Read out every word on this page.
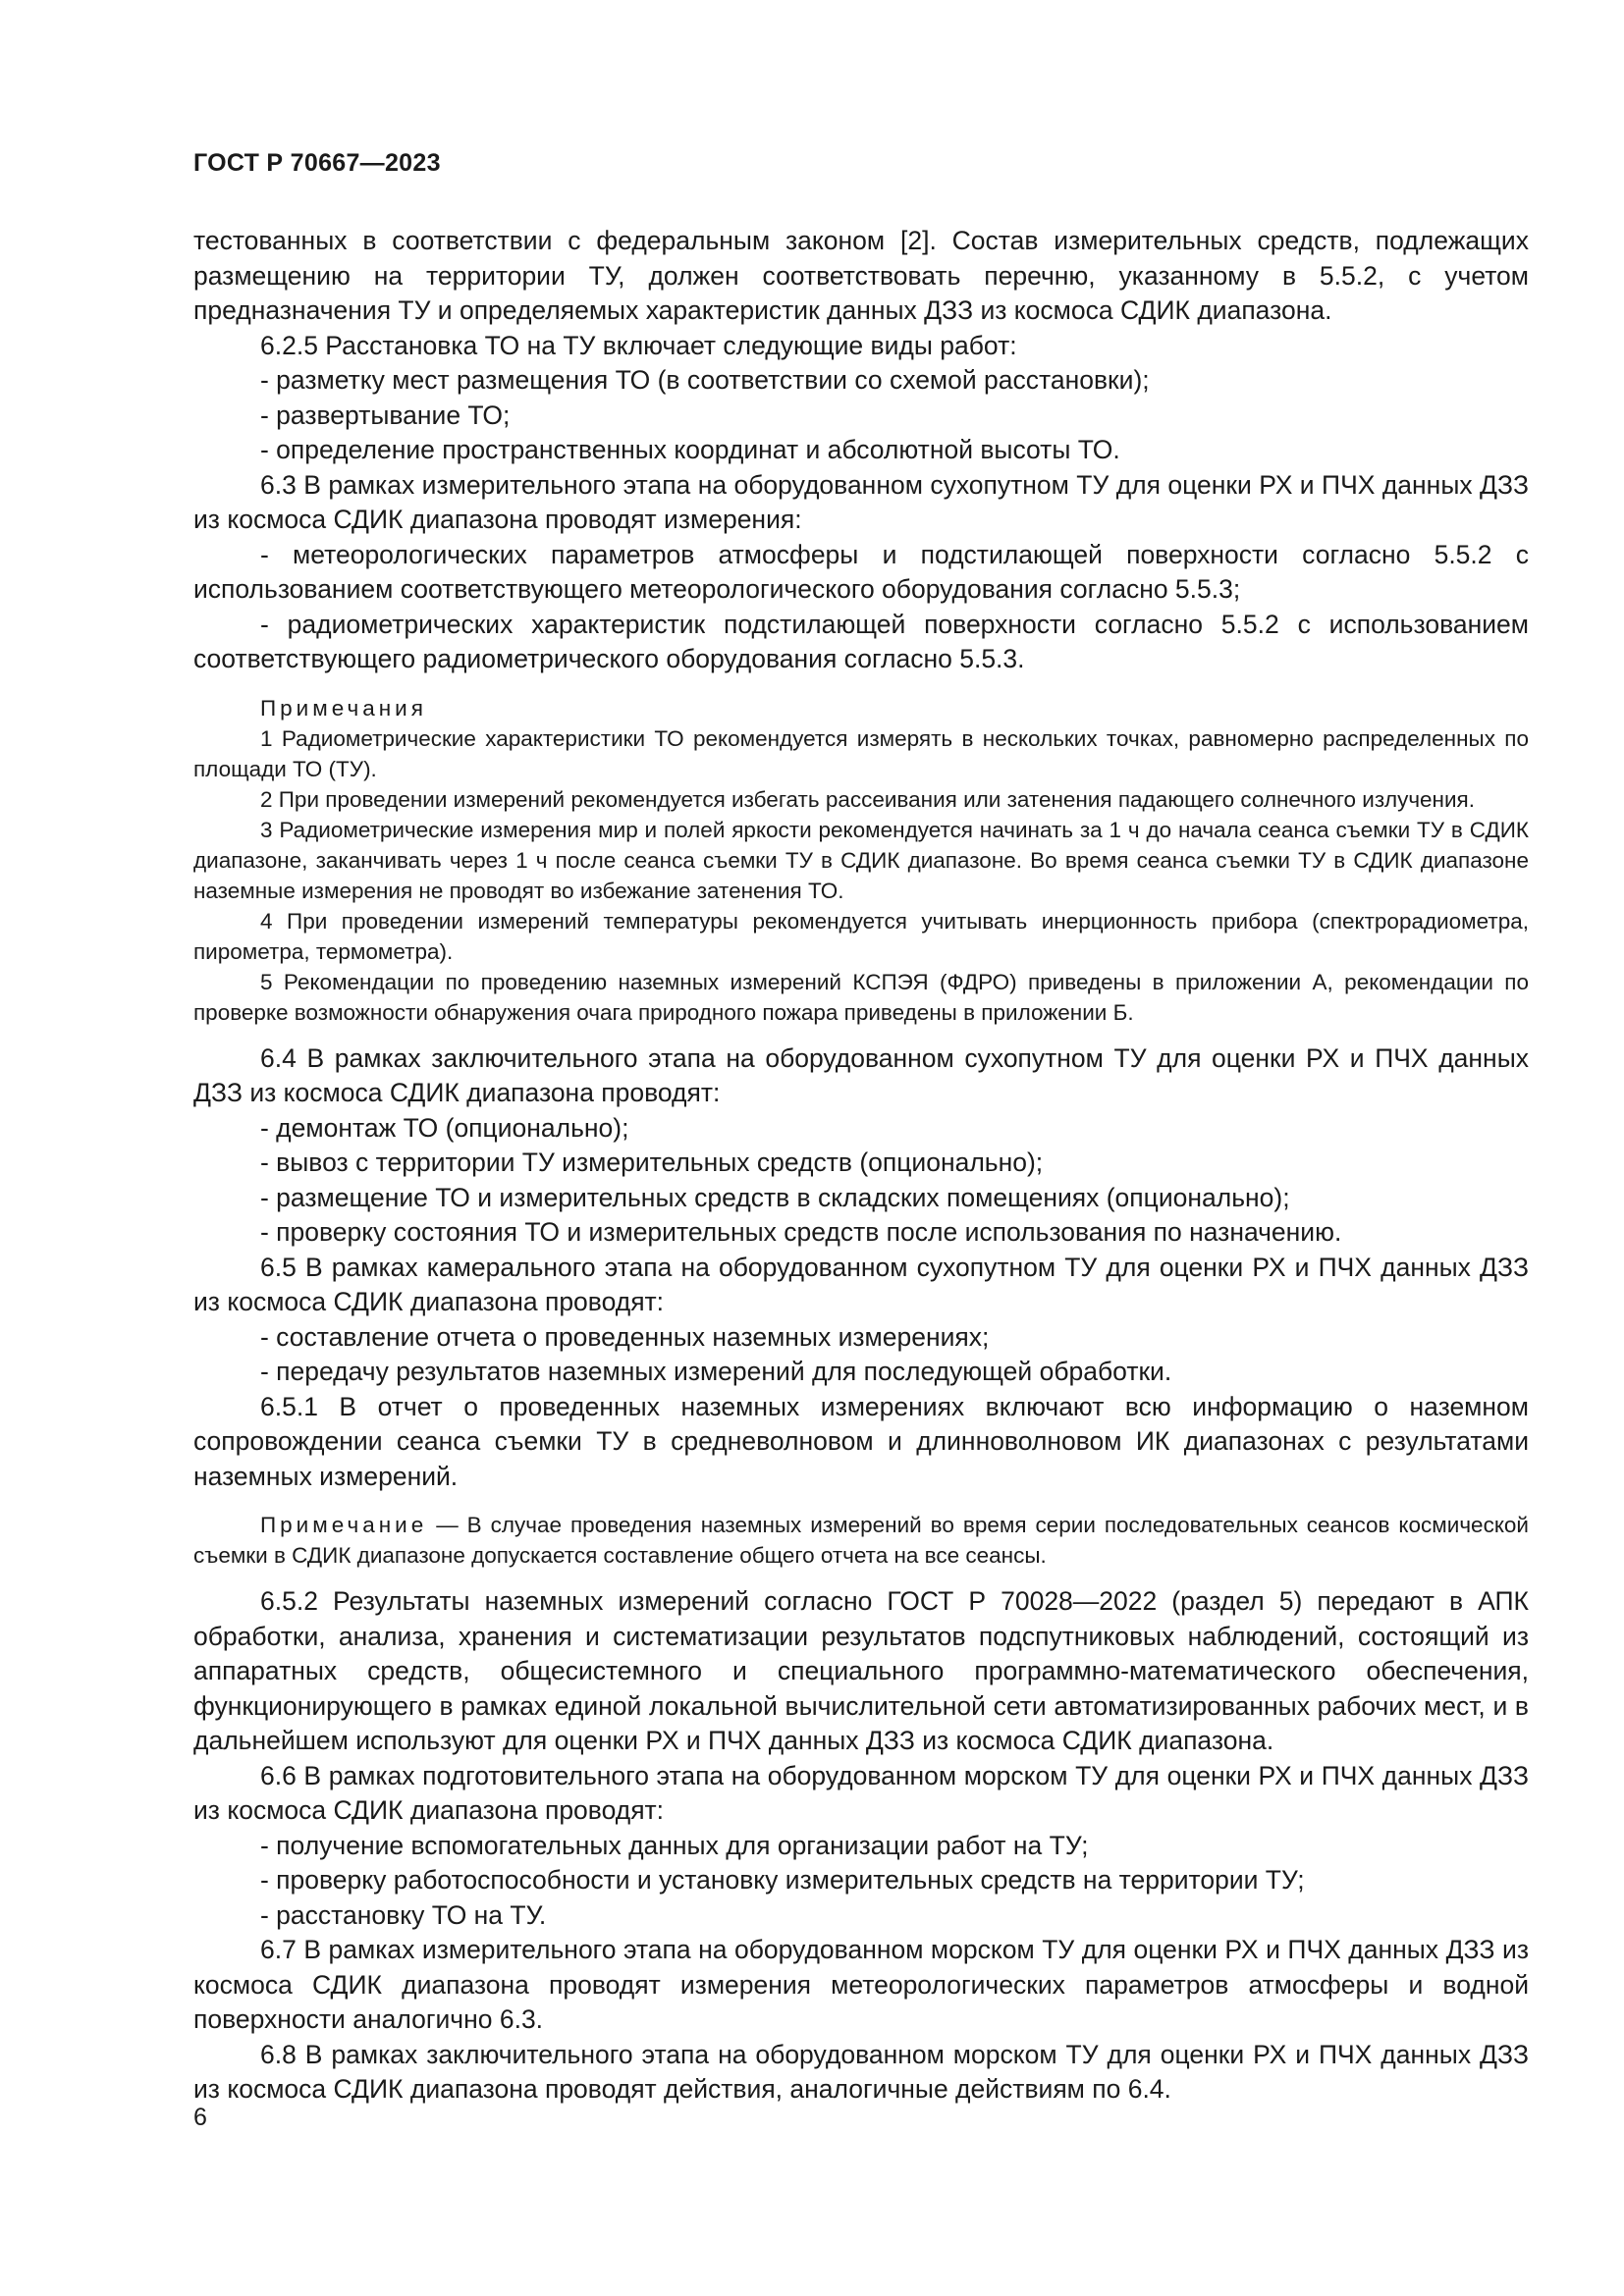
ГОСТ Р 70667—2023

тестованных в соответствии с федеральным законом [2]. Состав измерительных средств, подлежащих размещению на территории ТУ, должен соответствовать перечню, указанному в 5.5.2, с учетом предназначения ТУ и определяемых характеристик данных ДЗЗ из космоса СДИК диапазона.

6.2.5 Расстановка ТО на ТУ включает следующие виды работ:

- разметку мест размещения ТО (в соответствии со схемой расстановки);

- развертывание ТО;

- определение пространственных координат и абсолютной высоты ТО.

6.3 В рамках измерительного этапа на оборудованном сухопутном ТУ для оценки РХ и ПЧХ данных ДЗЗ из космоса СДИК диапазона проводят измерения:

- метеорологических параметров атмосферы и подстилающей поверхности согласно 5.5.2 с использованием соответствующего метеорологического оборудования согласно 5.5.3;

- радиометрических характеристик подстилающей поверхности согласно 5.5.2 с использованием соответствующего радиометрического оборудования согласно 5.5.3.

Примечания

1 Радиометрические характеристики ТО рекомендуется измерять в нескольких точках, равномерно распределенных по площади ТО (ТУ).

2 При проведении измерений рекомендуется избегать рассеивания или затенения падающего солнечного излучения.

3 Радиометрические измерения мир и полей яркости рекомендуется начинать за 1 ч до начала сеанса съемки ТУ в СДИК диапазоне, заканчивать через 1 ч после сеанса съемки ТУ в СДИК диапазоне. Во время сеанса съемки ТУ в СДИК диапазоне наземные измерения не проводят во избежание затенения ТО.

4 При проведении измерений температуры рекомендуется учитывать инерционность прибора (спектрорадиометра, пирометра, термометра).

5 Рекомендации по проведению наземных измерений КСПЭЯ (ФДРО) приведены в приложении А, рекомендации по проверке возможности обнаружения очага природного пожара приведены в приложении Б.

6.4 В рамках заключительного этапа на оборудованном сухопутном ТУ для оценки РХ и ПЧХ данных ДЗЗ из космоса СДИК диапазона проводят:

- демонтаж ТО (опционально);

- вывоз с территории ТУ измерительных средств (опционально);

- размещение ТО и измерительных средств в складских помещениях (опционально);

- проверку состояния ТО и измерительных средств после использования по назначению.

6.5 В рамках камерального этапа на оборудованном сухопутном ТУ для оценки РХ и ПЧХ данных ДЗЗ из космоса СДИК диапазона проводят:

- составление отчета о проведенных наземных измерениях;

- передачу результатов наземных измерений для последующей обработки.

6.5.1 В отчет о проведенных наземных измерениях включают всю информацию о наземном сопровождении сеанса съемки ТУ в средневолновом и длинноволновом ИК диапазонах с результатами наземных измерений.

Примечание — В случае проведения наземных измерений во время серии последовательных сеансов космической съемки в СДИК диапазоне допускается составление общего отчета на все сеансы.

6.5.2 Результаты наземных измерений согласно ГОСТ Р 70028—2022 (раздел 5) передают в АПК обработки, анализа, хранения и систематизации результатов подспутниковых наблюдений, состоящий из аппаратных средств, общесистемного и специального программно-математического обеспечения, функционирующего в рамках единой локальной вычислительной сети автоматизированных рабочих мест, и в дальнейшем используют для оценки РХ и ПЧХ данных ДЗЗ из космоса СДИК диапазона.

6.6 В рамках подготовительного этапа на оборудованном морском ТУ для оценки РХ и ПЧХ данных ДЗЗ из космоса СДИК диапазона проводят:

- получение вспомогательных данных для организации работ на ТУ;

- проверку работоспособности и установку измерительных средств на территории ТУ;

- расстановку ТО на ТУ.

6.7 В рамках измерительного этапа на оборудованном морском ТУ для оценки РХ и ПЧХ данных ДЗЗ из космоса СДИК диапазона проводят измерения метеорологических параметров атмосферы и водной поверхности аналогично 6.3.

6.8 В рамках заключительного этапа на оборудованном морском ТУ для оценки РХ и ПЧХ данных ДЗЗ из космоса СДИК диапазона проводят действия, аналогичные действиям по 6.4.

6
